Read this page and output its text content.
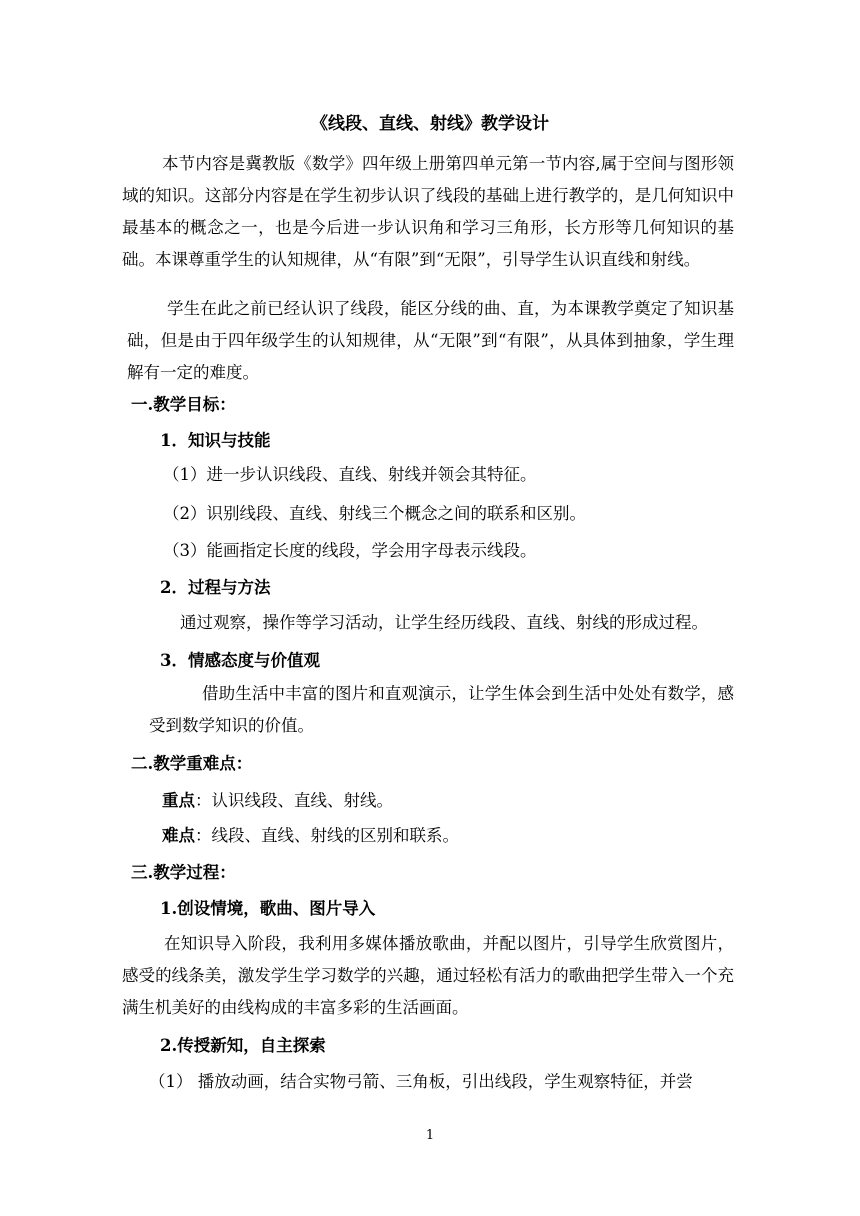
《线段、直线、射线》教学设计

本节内容是冀教版《数学》四年级上册第四单元第一节内容,属于空间与图形领域的知识。这部分内容是在学生初步认识了线段的基础上进行教学的，是几何知识中最基本的概念之一，也是今后进一步认识角和学习三角形，长方形等几何知识的基础。本课尊重学生的认知规律，从“有限”到“无限”，引导学生认识直线和射线。

学生在此之前已经认识了线段，能区分线的曲、直，为本课教学奠定了知识基础，但是由于四年级学生的认知规律，从“无限”到“有限”，从具体到抽象，学生理解有一定的难度。

一.教学目标：
1．知识与技能
（1）进一步认识线段、直线、射线并领会其特征。
（2）识别线段、直线、射线三个概念之间的联系和区别。
（3）能画指定长度的线段，学会用字母表示线段。
2．过程与方法
通过观察，操作等学习活动，让学生经历线段、直线、射线的形成过程。
3．情感态度与价值观

借助生活中丰富的图片和直观演示，让学生体会到生活中处处有数学，感受到数学知识的价值。

二.教学重难点：
重点：认识线段、直线、射线。
难点：线段、直线、射线的区别和联系。
三.教学过程：
1.创设情境，歌曲、图片导入

在知识导入阶段，我利用多媒体播放歌曲，并配以图片，引导学生欣赏图片，感受的线条美，激发学生学习数学的兴趣，通过轻松有活力的歌曲把学生带入一个充满生机美好的由线构成的丰富多彩的生活画面。

2.传授新知，自主探索
（1） 播放动画，结合实物弓箭、三角板，引出线段，学生观察特征，并尝
1
